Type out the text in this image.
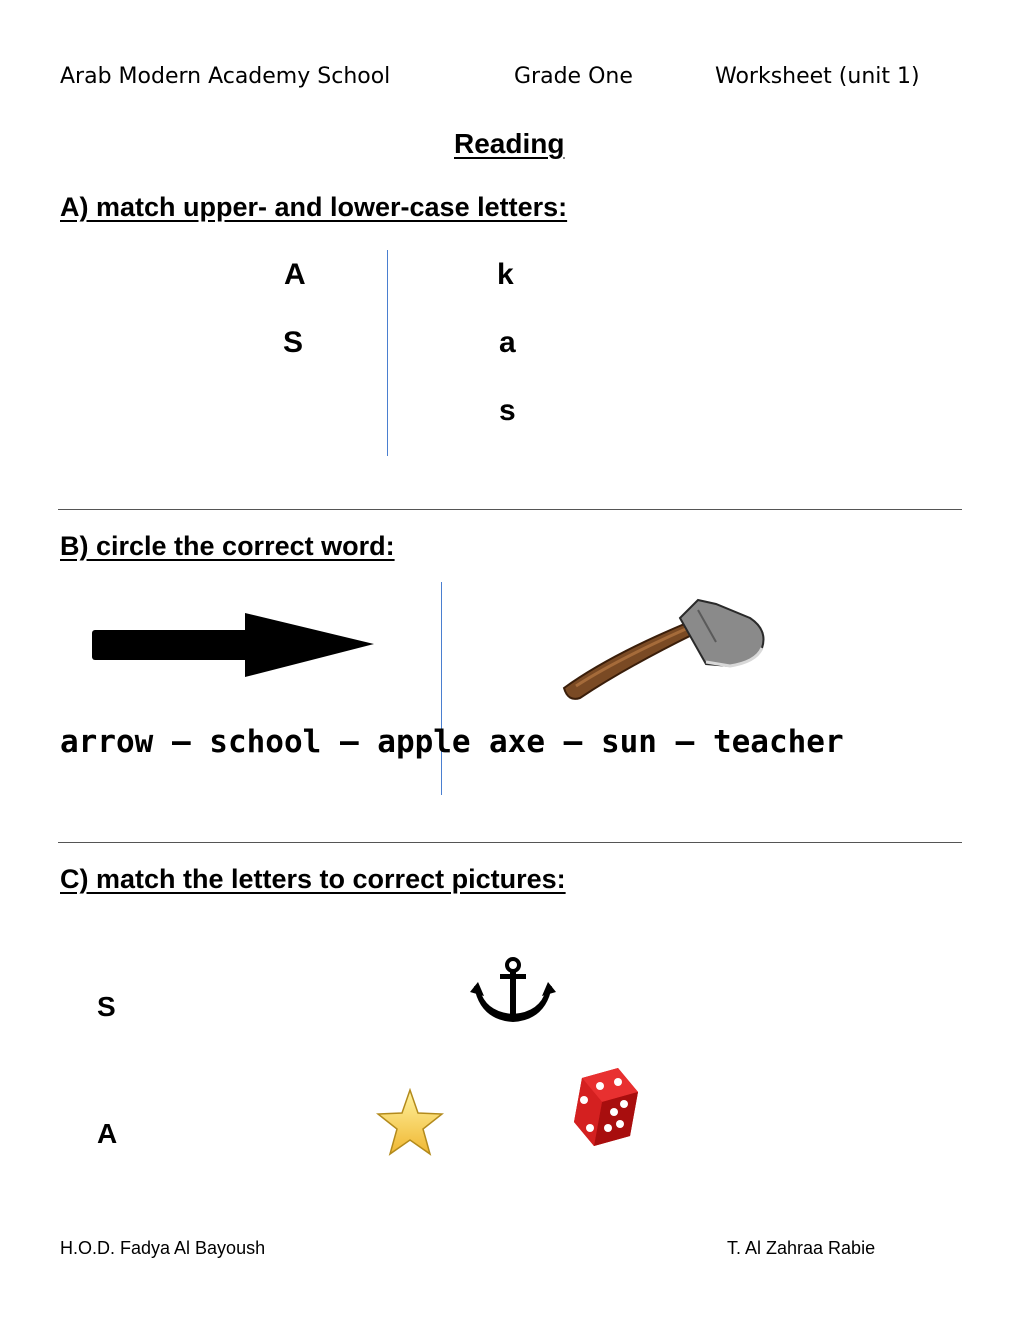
Arab Modern Academy School	Grade One	Worksheet (unit 1)
Reading
A) match upper- and lower-case letters:
A
S
k
a
s
B) circle the correct word:
arrow – school – apple axe – sun – teacher
C) match the letters to correct pictures:
S
A
H.O.D. Fadya Al Bayoush	T. Al Zahraa Rabie
